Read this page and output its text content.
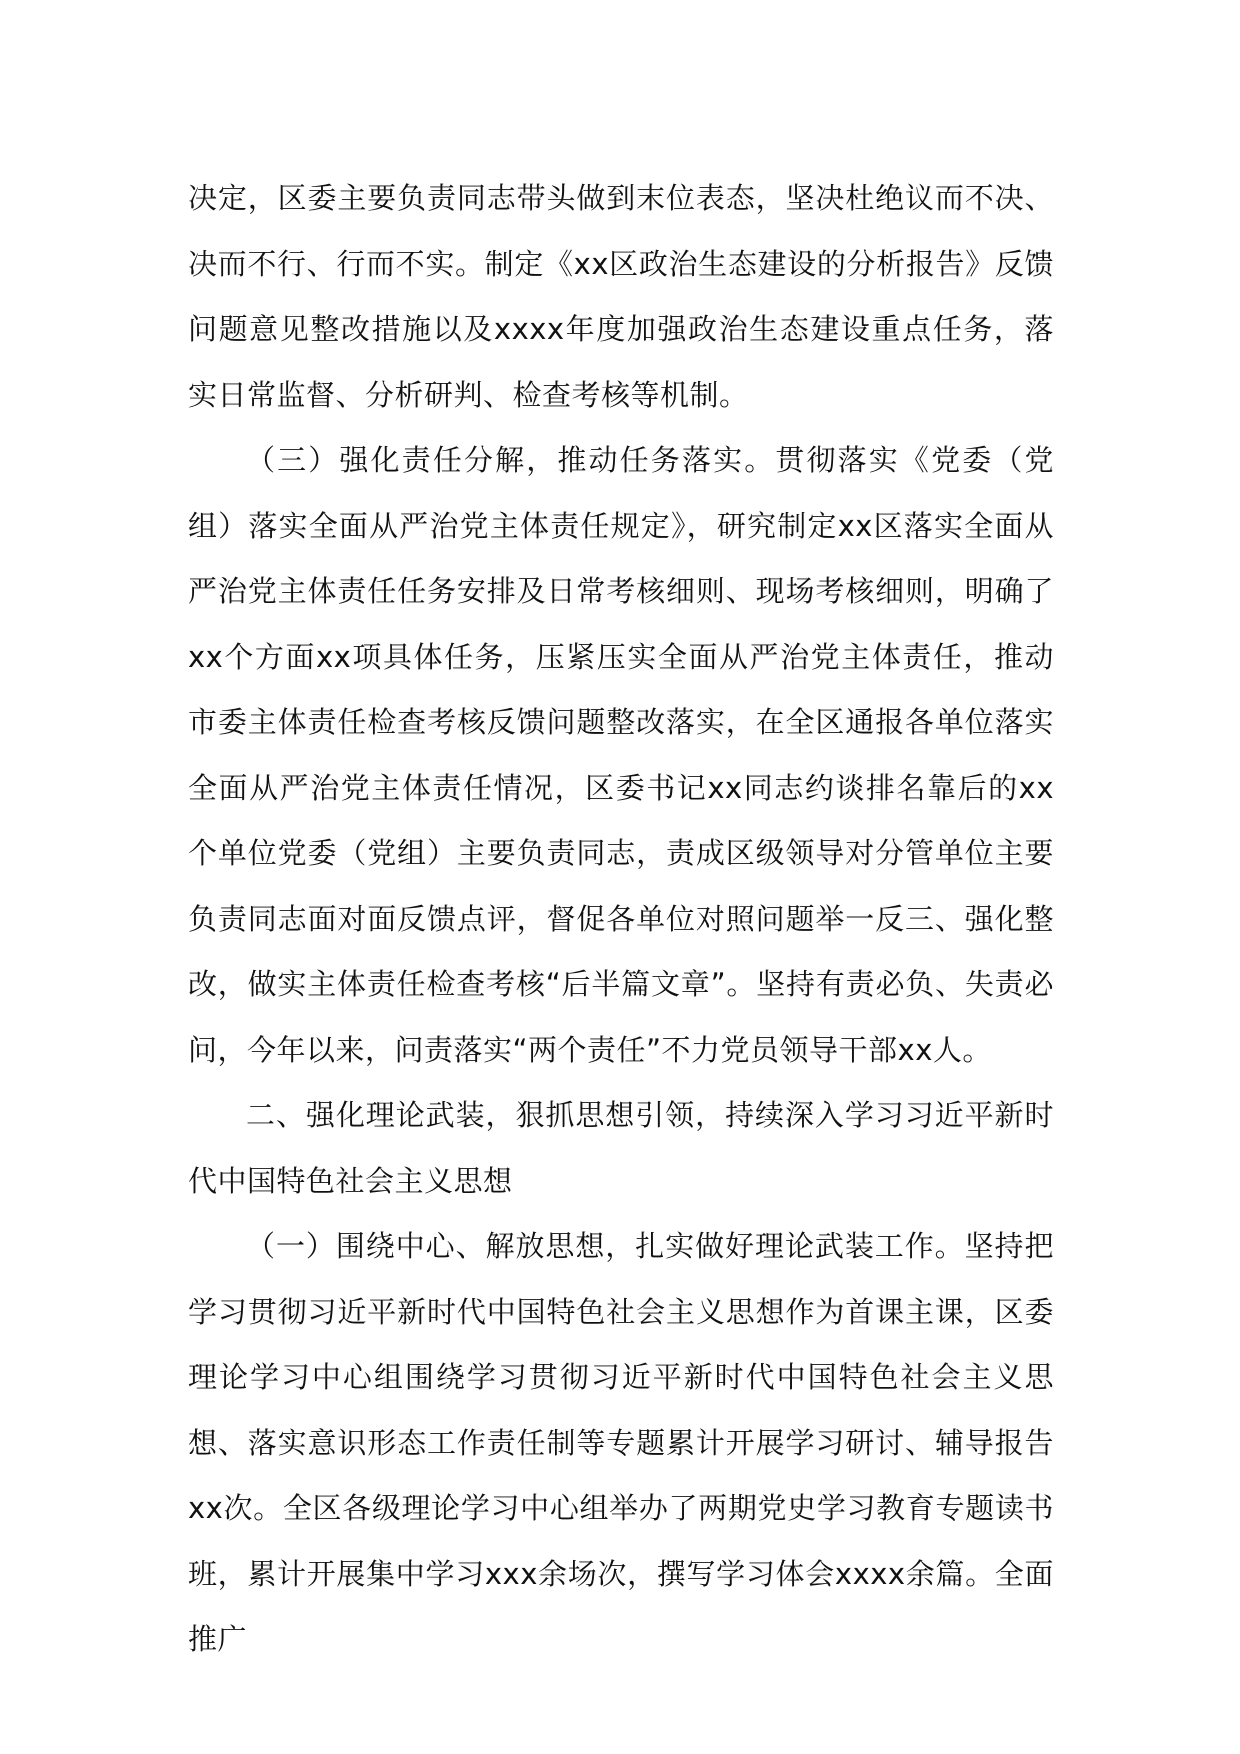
决定，区委主要负责同志带头做到末位表态，坚决杜绝议而不决、决而不行、行而不实。制定《xx区政治生态建设的分析报告》反馈问题意见整改措施以及xxxx年度加强政治生态建设重点任务，落实日常监督、分析研判、检查考核等机制。

（三）强化责任分解，推动任务落实。贯彻落实《党委（党组）落实全面从严治党主体责任规定》，研究制定xx区落实全面从严治党主体责任任务安排及日常考核细则、现场考核细则，明确了xx个方面xx项具体任务，压紧压实全面从严治党主体责任，推动市委主体责任检查考核反馈问题整改落实，在全区通报各单位落实全面从严治党主体责任情况，区委书记xx同志约谈排名靠后的xx个单位党委（党组）主要负责同志，责成区级领导对分管单位主要负责同志面对面反馈点评，督促各单位对照问题举一反三、强化整改，做实主体责任检查考核“后半篇文章”。坚持有责必负、失责必问，今年以来，问责落实“两个责任”不力党员领导干部xx人。

二、强化理论武装，狠抓思想引领，持续深入学习习近平新时代中国特色社会主义思想

（一）围绕中心、解放思想，扎实做好理论武装工作。坚持把学习贯彻习近平新时代中国特色社会主义思想作为首课主课，区委理论学习中心组围绕学习贯彻习近平新时代中国特色社会主义思想、落实意识形态工作责任制等专题累计开展学习研讨、辅导报告xx次。全区各级理论学习中心组举办了两期党史学习教育专题读书班，累计开展集中学习xxx余场次，撰写学习体会xxxx余篇。全面推广
